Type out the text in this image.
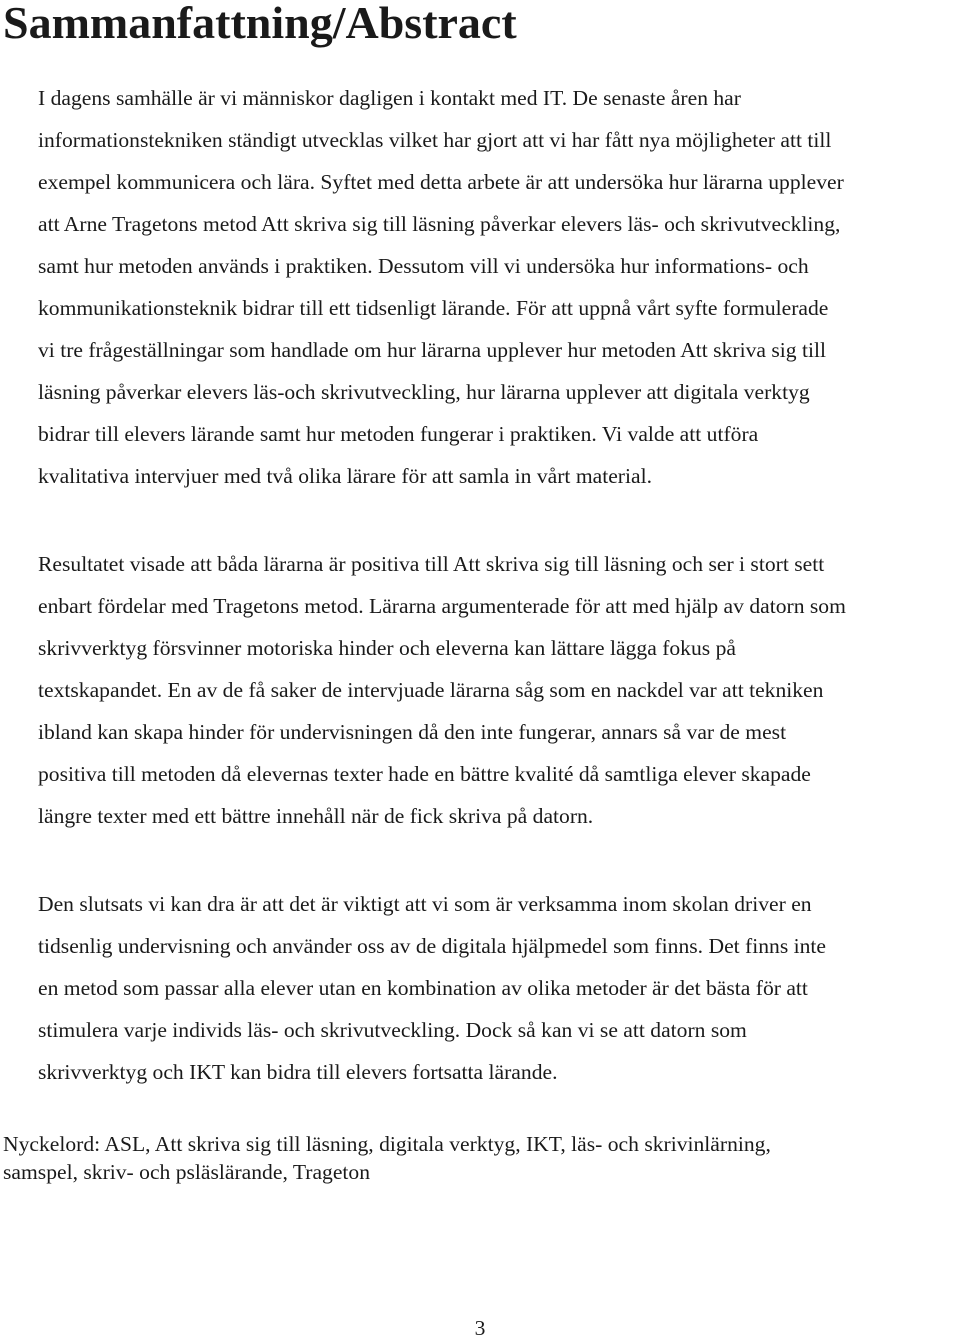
Sammanfattning/Abstract
I dagens samhälle är vi människor dagligen i kontakt med IT. De senaste åren har
informationstekniken ständigt utvecklas vilket har gjort att vi har fått nya möjligheter att till
exempel kommunicera och lära. Syftet med detta arbete är att undersöka hur lärarna upplever
att Arne Tragetons metod Att skriva sig till läsning påverkar elevers läs- och skrivutveckling,
samt hur metoden används i praktiken. Dessutom vill vi undersöka hur informations- och
kommunikationsteknik bidrar till ett tidsenligt lärande. För att uppnå vårt syfte formulerade
vi tre frågeställningar som handlade om hur lärarna upplever hur metoden Att skriva sig till
läsning påverkar elevers läs-och skrivutveckling, hur lärarna upplever att digitala verktyg
bidrar till elevers lärande samt hur metoden fungerar i praktiken. Vi valde att utföra
kvalitativa intervjuer med två olika lärare för att samla in vårt material.
Resultatet visade att båda lärarna är positiva till Att skriva sig till läsning och ser i stort sett
enbart fördelar med Tragetons metod. Lärarna argumenterade för att med hjälp av datorn som
skrivverktyg försvinner motoriska hinder och eleverna kan lättare lägga fokus på
textskapandet. En av de få saker de intervjuade lärarna såg som en nackdel var att tekniken
ibland kan skapa hinder för undervisningen då den inte fungerar, annars så var de mest
positiva till metoden då elevernas texter hade en bättre kvalité då samtliga elever skapade
längre texter med ett bättre innehåll när de fick skriva på datorn.
Den slutsats vi kan dra är att det är viktigt att vi som är verksamma inom skolan driver en
tidsenlig undervisning och använder oss av de digitala hjälpmedel som finns. Det finns inte
en metod som passar alla elever utan en kombination av olika metoder är det bästa för att
stimulera varje individs läs- och skrivutveckling. Dock så kan vi se att datorn som
skrivverktyg och IKT kan bidra till elevers fortsatta lärande.
Nyckelord: ASL, Att skriva sig till läsning, digitala verktyg, IKT, läs- och skrivinlärning,
samspel, skriv- och psläslärande, Trageton
3
